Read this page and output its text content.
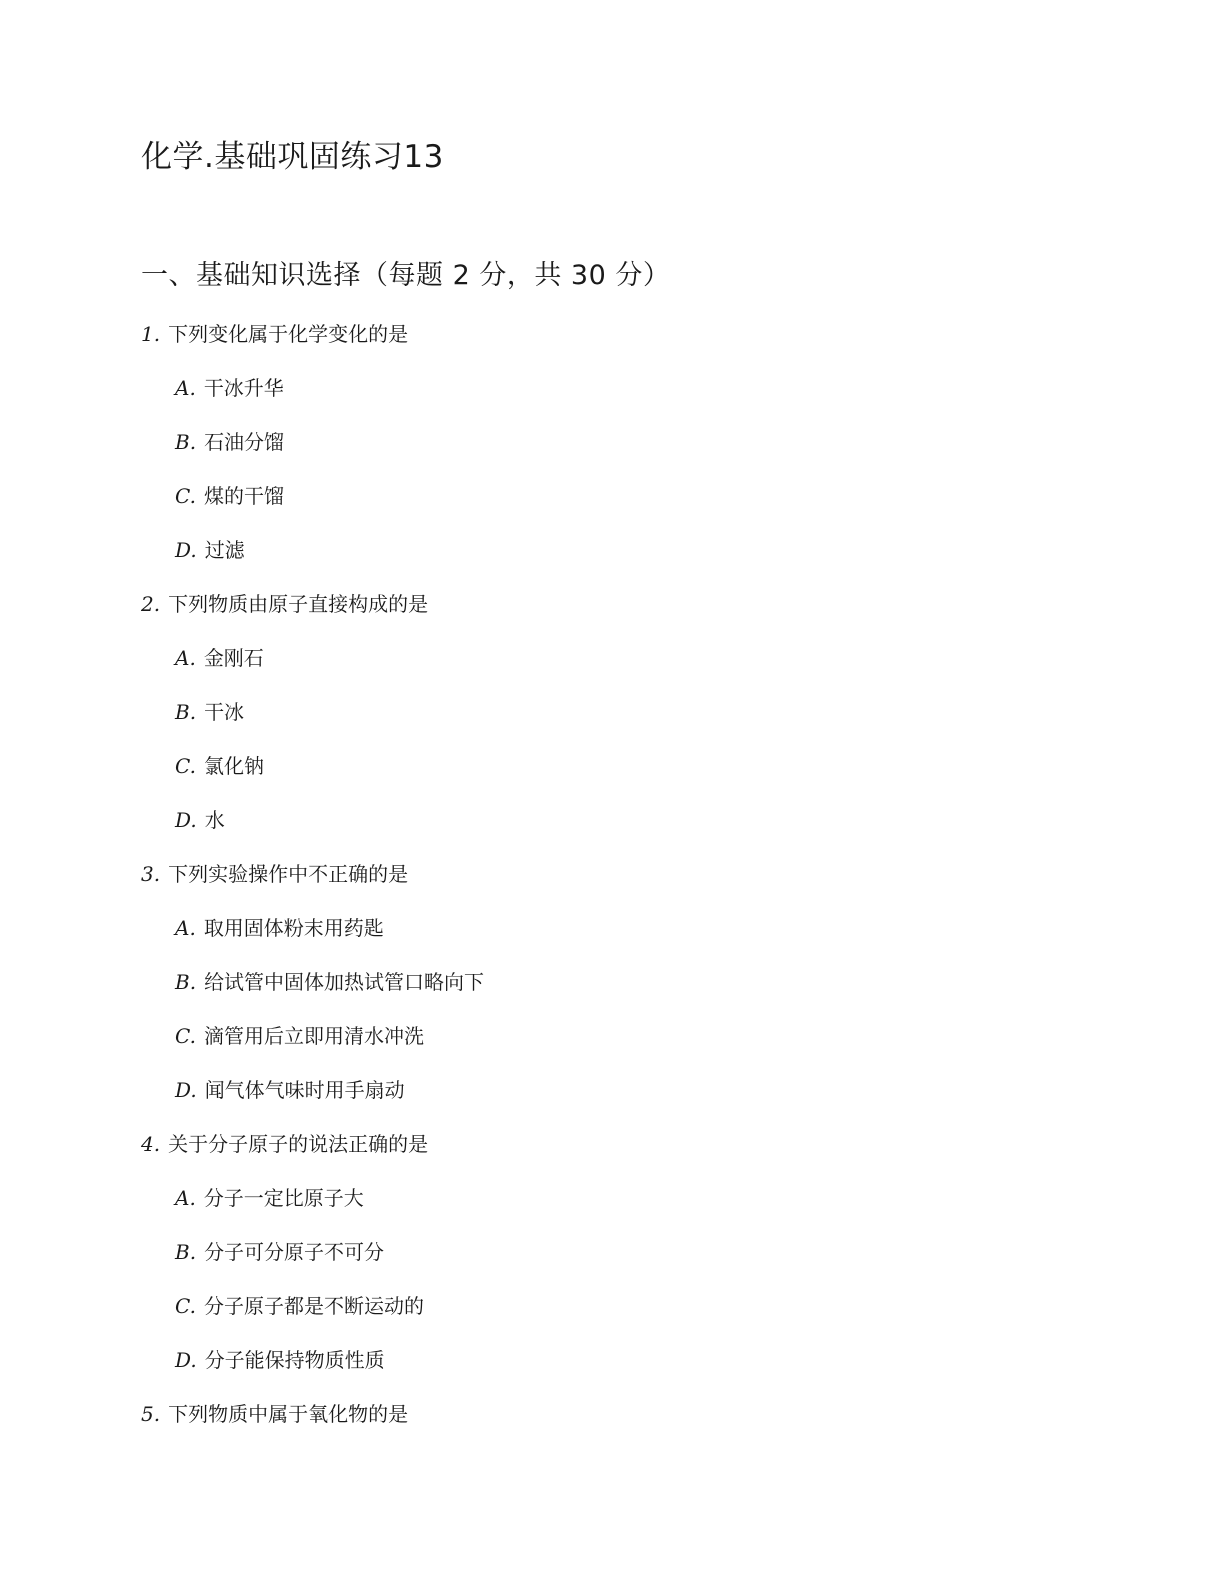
化学.基础巩固练习13
一、基础知识选择（每题 2 分，共 30 分）
1. 下列变化属于化学变化的是
A. 干冰升华
B. 石油分馏
C. 煤的干馏
D. 过滤
2. 下列物质由原子直接构成的是
A. 金刚石
B. 干冰
C. 氯化钠
D. 水
3. 下列实验操作中不正确的是
A. 取用固体粉末用药匙
B. 给试管中固体加热试管口略向下
C. 滴管用后立即用清水冲洗
D. 闻气体气味时用手扇动
4. 关于分子原子的说法正确的是
A. 分子一定比原子大
B. 分子可分原子不可分
C. 分子原子都是不断运动的
D. 分子能保持物质性质
5. 下列物质中属于氧化物的是
